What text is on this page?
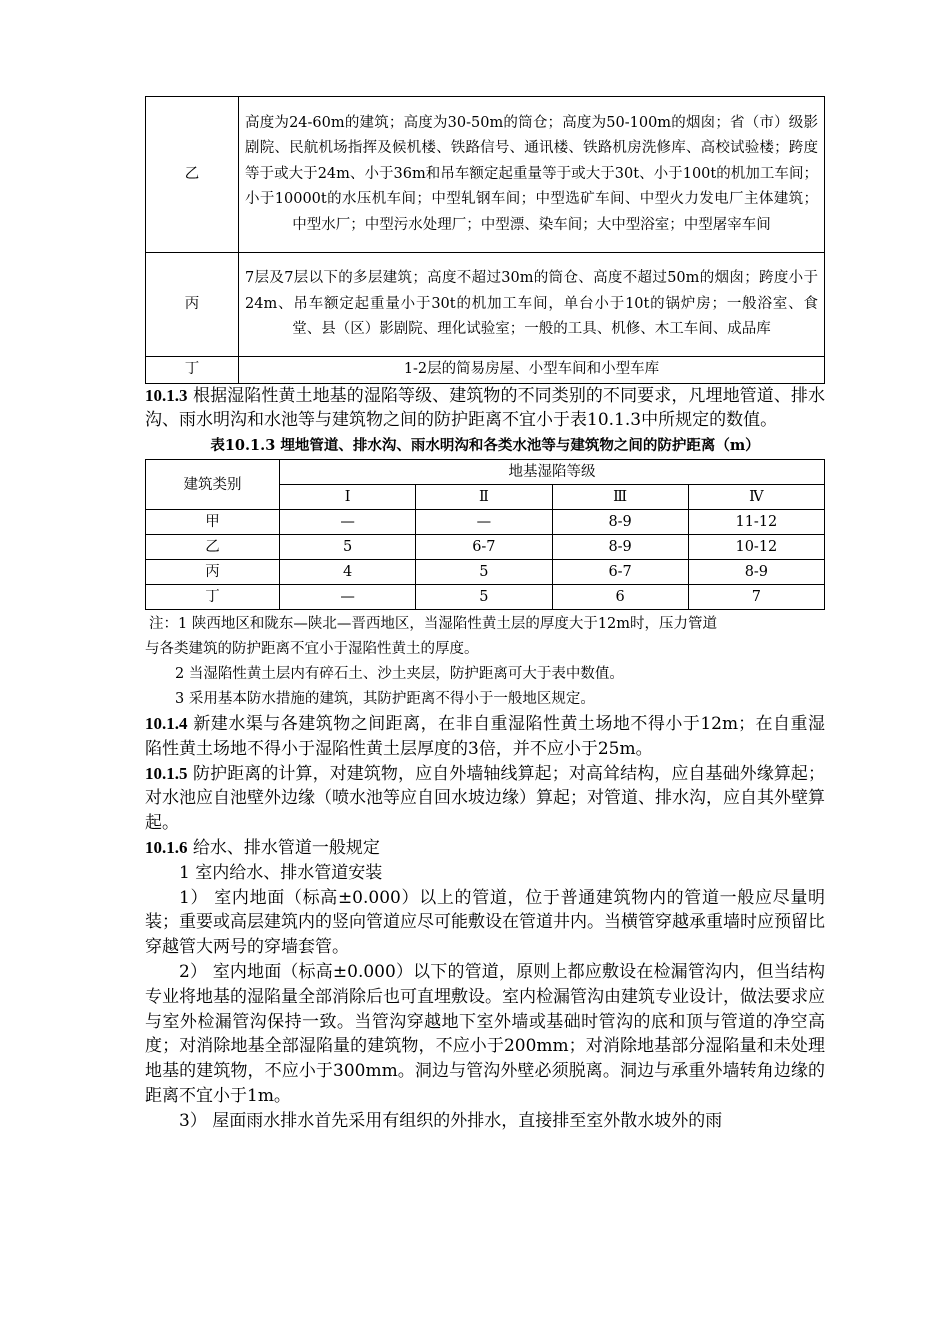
乙	高度为24-60m的建筑；高度为30-50m的筒仓；高度为50-100m的烟囱；省（市）级影剧院、民航机场指挥及候机楼、铁路信号、通讯楼、铁路机房洗修库、高校试验楼；跨度等于或大于24m、小于36m和吊车额定起重量等于或大于30t、小于100t的机加工车间；小于10000t的水压机车间；中型轧钢车间；中型选矿车间、中型火力发电厂主体建筑；中型水厂；中型污水处理厂；中型漂、染车间；大中型浴室；中型屠宰车间
丙	7层及7层以下的多层建筑；高度不超过30m的筒仓、高度不超过50m的烟囱；跨度小于24m、吊车额定起重量小于30t的机加工车间，单台小于10t的锅炉房；一般浴室、食堂、县（区）影剧院、理化试验室；一般的工具、机修、木工车间、成品库
丁	1-2层的简易房屋、小型车间和小型车库

10.1.3 根据湿陷性黄土地基的湿陷等级、建筑物的不同类别的不同要求，凡埋地管道、排水沟、雨水明沟和水池等与建筑物之间的防护距离不宜小于表10.1.3中所规定的数值。

表10.1.3 埋地管道、排水沟、雨水明沟和各类水池等与建筑物之间的防护距离（m）

建筑类别	地基湿陷等级			
	Ⅰ	Ⅱ	Ⅲ	Ⅳ
甲	—	—	8-9	11-12
乙	5	6-7	8-9	10-12
丙	4	5	6-7	8-9
丁	—	5	6	7

注：1 陕西地区和陇东—陕北—晋西地区，当湿陷性黄土层的厚度大于12m时，压力管道

与各类建筑的防护距离不宜小于湿陷性黄土的厚度。

2 当湿陷性黄土层内有碎石土、沙土夹层，防护距离可大于表中数值。

3 采用基本防水措施的建筑，其防护距离不得小于一般地区规定。

10.1.4 新建水渠与各建筑物之间距离，在非自重湿陷性黄土场地不得小于12m；在自重湿陷性黄土场地不得小于湿陷性黄土层厚度的3倍，并不应小于25m。

10.1.5 防护距离的计算，对建筑物，应自外墙轴线算起；对高耸结构，应自基础外缘算起；对水池应自池壁外边缘（喷水池等应自回水坡边缘）算起；对管道、排水沟，应自其外壁算起。

10.1.6 给水、排水管道一般规定

1 室内给水、排水管道安装

1） 室内地面（标高±0.000）以上的管道，位于普通建筑物内的管道一般应尽量明装；重要或高层建筑内的竖向管道应尽可能敷设在管道井内。当横管穿越承重墙时应预留比穿越管大两号的穿墙套管。

2） 室内地面（标高±0.000）以下的管道，原则上都应敷设在检漏管沟内，但当结构专业将地基的湿陷量全部消除后也可直埋敷设。室内检漏管沟由建筑专业设计，做法要求应与室外检漏管沟保持一致。当管沟穿越地下室外墙或基础时管沟的底和顶与管道的净空高度；对消除地基全部湿陷量的建筑物，不应小于200mm；对消除地基部分湿陷量和未处理地基的建筑物，不应小于300mm。洞边与管沟外壁必须脱离。洞边与承重外墙转角边缘的距离不宜小于1m。

3） 屋面雨水排水首先采用有组织的外排水，直接排至室外散水坡外的雨
